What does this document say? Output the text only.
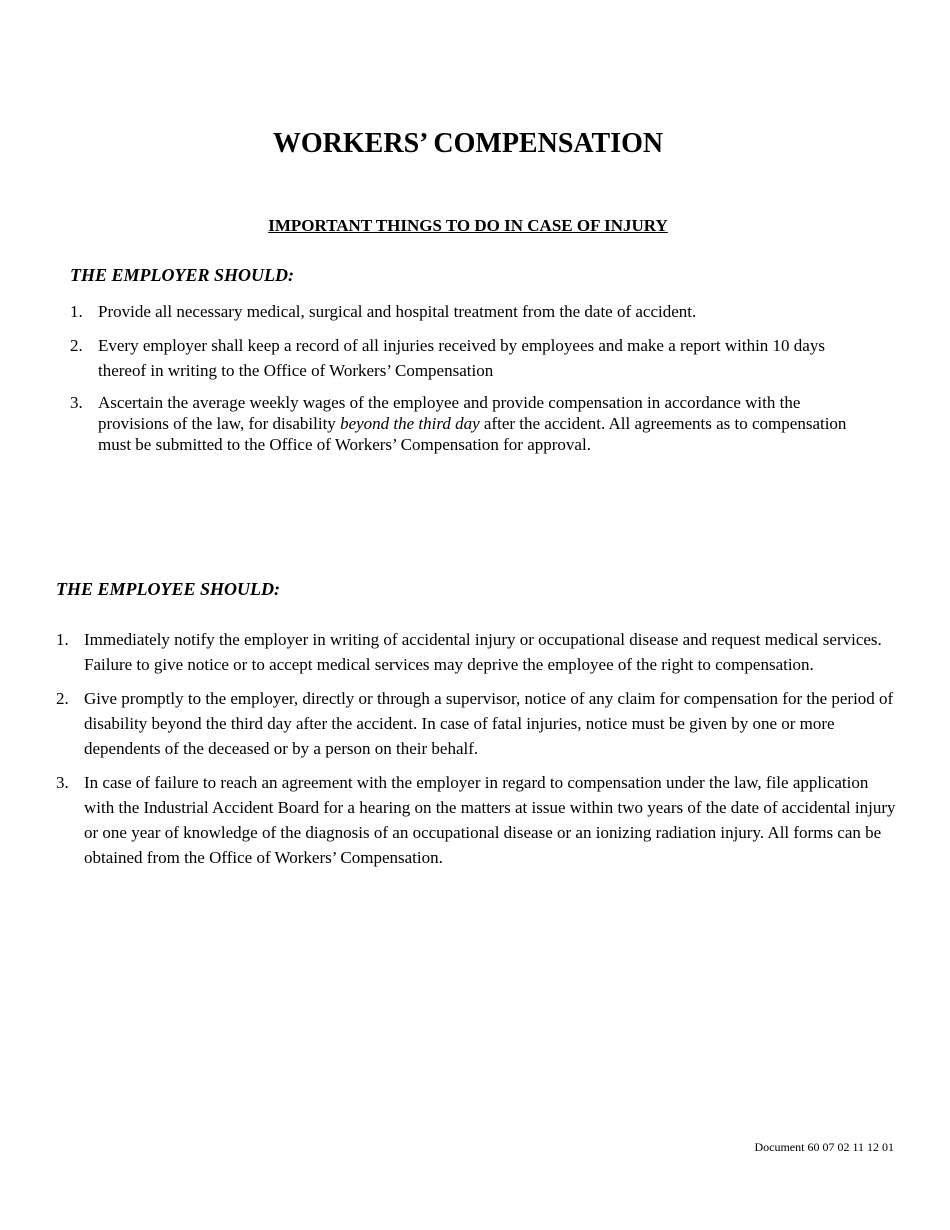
WORKERS’ COMPENSATION
IMPORTANT THINGS TO DO IN CASE OF INJURY
THE EMPLOYER SHOULD:
1. Provide all necessary medical, surgical and hospital treatment from the date of accident.
2. Every employer shall keep a record of all injuries received by employees and make a report within 10 days thereof in writing to the Office of Workers’ Compensation
3. Ascertain the average weekly wages of the employee and provide compensation in accordance with the provisions of the law, for disability beyond the third day after the accident. All agreements as to compensation must be submitted to the Office of Workers’ Compensation for approval.
THE EMPLOYEE SHOULD:
1. Immediately notify the employer in writing of accidental injury or occupational disease and request medical services. Failure to give notice or to accept medical services may deprive the employee of the right to compensation.
2. Give promptly to the employer, directly or through a supervisor, notice of any claim for compensation for the period of disability beyond the third day after the accident. In case of fatal injuries, notice must be given by one or more dependents of the deceased or by a person on their behalf.
3. In case of failure to reach an agreement with the employer in regard to compensation under the law, file application with the Industrial Accident Board for a hearing on the matters at issue within two years of the date of accidental injury or one year of knowledge of the diagnosis of an occupational disease or an ionizing radiation injury. All forms can be obtained from the Office of Workers’ Compensation.
Document 60 07 02 11 12 01
